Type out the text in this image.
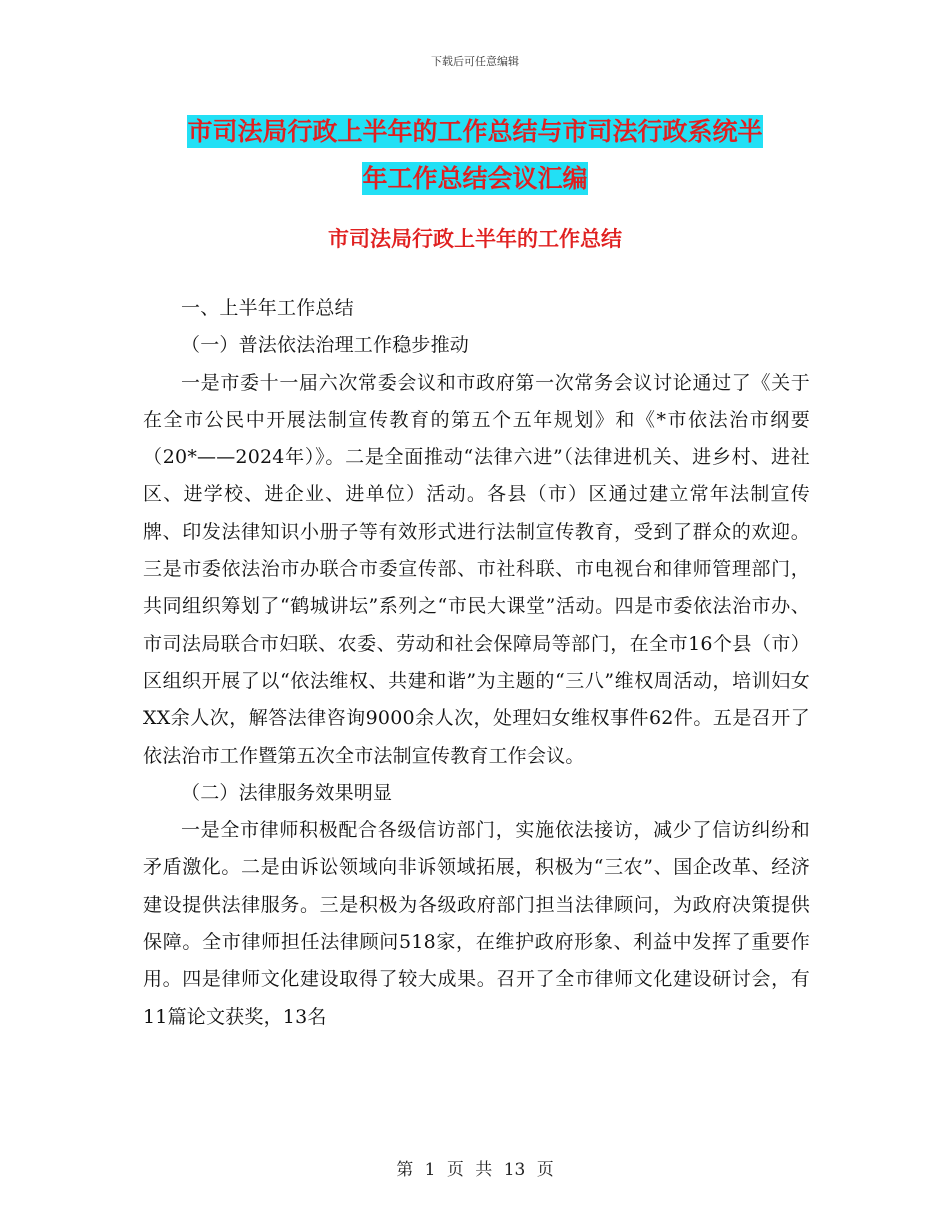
下载后可任意编辑
市司法局行政上半年的工作总结与市司法行政系统半
年工作总结会议汇编
市司法局行政上半年的工作总结

一、上半年工作总结

（一）普法依法治理工作稳步推动

一是市委十一届六次常委会议和市政府第一次常务会议讨论通过了《关于在全市公民中开展法制宣传教育的第五个五年规划》和《*市依法治市纲要（20*——2024年）》。二是全面推动“法律六进”（法律进机关、进乡村、进社区、进学校、进企业、进单位）活动。各县（市）区通过建立常年法制宣传牌、印发法律知识小册子等有效形式进行法制宣传教育，受到了群众的欢迎。三是市委依法治市办联合市委宣传部、市社科联、市电视台和律师管理部门，共同组织筹划了“鹤城讲坛”系列之“市民大课堂”活动。四是市委依法治市办、市司法局联合市妇联、农委、劳动和社会保障局等部门，在全市16个县（市）区组织开展了以“依法维权、共建和谐”为主题的“三八”维权周活动，培训妇女XX余人次，解答法律咨询9000余人次，处理妇女维权事件62件。五是召开了依法治市工作暨第五次全市法制宣传教育工作会议。

（二）法律服务效果明显

一是全市律师积极配合各级信访部门，实施依法接访，减少了信访纠纷和矛盾激化。二是由诉讼领域向非诉领域拓展，积极为“三农”、国企改革、经济建设提供法律服务。三是积极为各级政府部门担当法律顾问，为政府决策提供保障。全市律师担任法律顾问518家，在维护政府形象、利益中发挥了重要作用。四是律师文化建设取得了较大成果。召开了全市律师文化建设研讨会，有11篇论文获奖，13名

第 1 页 共 13 页
